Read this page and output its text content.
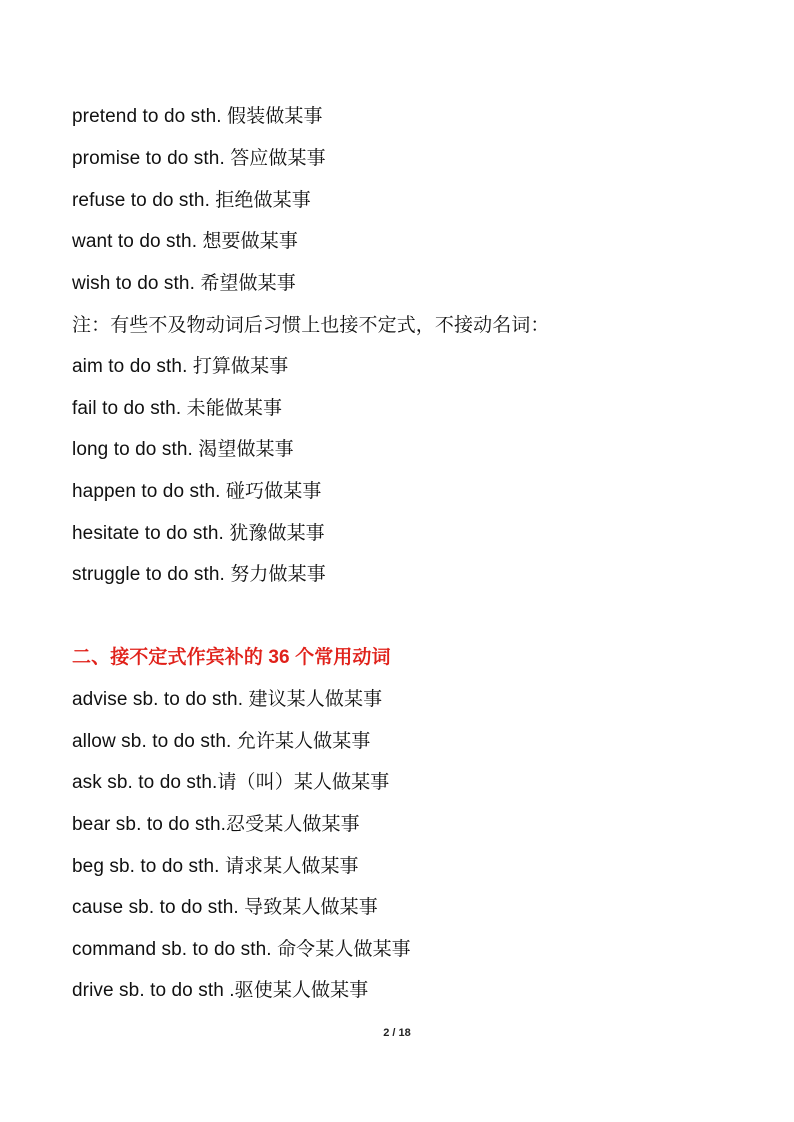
pretend to do sth. 假装做某事
promise to do sth. 答应做某事
refuse to do sth. 拒绝做某事
want to do sth. 想要做某事
wish to do sth. 希望做某事
注：有些不及物动词后习惯上也接不定式，不接动名词：
aim to do sth. 打算做某事
fail to do sth. 未能做某事
long to do sth. 渴望做某事
happen to do sth. 碰巧做某事
hesitate to do sth. 犹豫做某事
struggle to do sth. 努力做某事
二、接不定式作宾补的 36 个常用动词
advise sb. to do sth. 建议某人做某事
allow sb. to do sth. 允许某人做某事
ask sb. to do sth.请（叫）某人做某事
bear sb. to do sth.忍受某人做某事
beg sb. to do sth. 请求某人做某事
cause sb. to do sth. 导致某人做某事
command sb. to do sth. 命令某人做某事
drive sb. to do sth .驱使某人做某事
2 / 18
